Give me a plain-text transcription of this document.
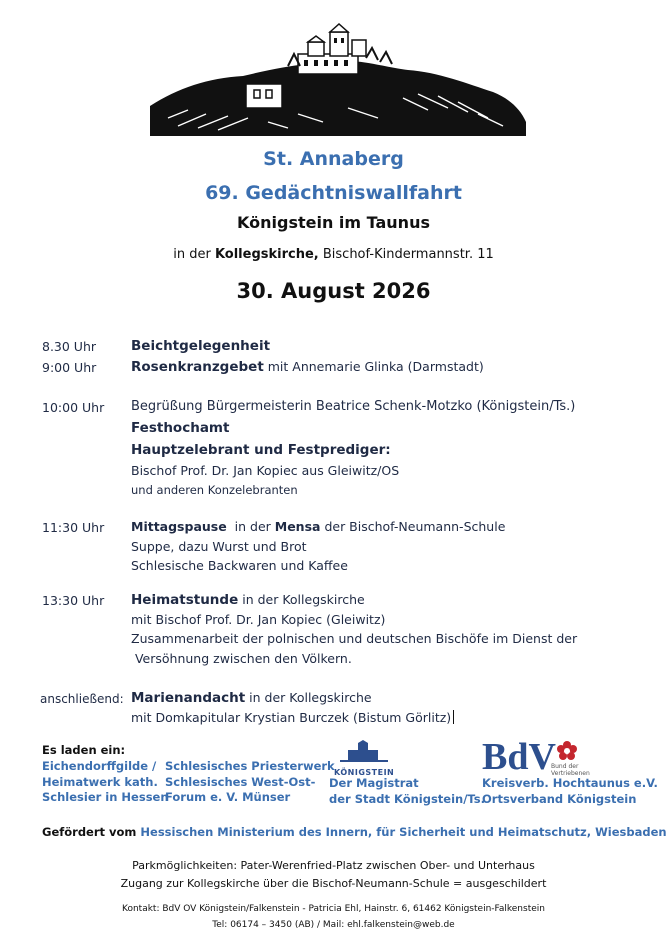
St. Annaberg
69. Gedächtniswallfahrt
Königstein im Taunus
in der Kollegskirche, Bischof-Kindermannstr. 11
30. August 2026
8.30 Uhr	Beichtgelegenheit
9:00 Uhr	Rosenkranzgebet mit Annemarie Glinka (Darmstadt)
10:00 Uhr Begrüßung Bürgermeisterin Beatrice Schenk-Motzko (Königstein/Ts.)
Festhochamt
Hauptzelebrant und Festprediger:
Bischof Prof. Dr. Jan Kopiec aus Gleiwitz/OS
und anderen Konzelebranten
11:30 Uhr Mittagspause  in der Mensa der Bischof-Neumann-Schule
Suppe, dazu Wurst und Brot
Schlesische Backwaren und Kaffee
13:30 Uhr Heimatstunde in der Kollegskirche
mit Bischof Prof. Dr. Jan Kopiec (Gleiwitz)
Zusammenarbeit der polnischen und deutschen Bischöfe im Dienst der
Versöhnung zwischen den Völkern.
anschließend: Marienandacht in der Kollegskirche
mit Domkapitular Krystian Burczek (Bistum Görlitz)
Es laden ein:
Eichendorffgilde /
Heimatwerk kath.
Schlesier in Hessen
Schlesisches Priesterwerk
Schlesisches West-Ost-
Forum e. V. Münser
KÖNIGSTEIN
Der Magistrat
der Stadt Königstein/Ts.
BdV
Bund der
Vertriebenen
Kreisverb. Hochtaunus e.V.
Ortsverband Königstein
Gefördert vom Hessischen Ministerium des Innern, für Sicherheit und Heimatschutz, Wiesbaden
Parkmöglichkeiten: Pater-Werenfried-Platz zwischen Ober- und Unterhaus
Zugang zur Kollegskirche über die Bischof-Neumann-Schule = ausgeschildert
Kontakt: BdV OV Königstein/Falkenstein - Patricia Ehl, Hainstr. 6, 61462 Königstein-Falkenstein
Tel: 06174 – 3450 (AB) / Mail: ehl.falkenstein@web.de
